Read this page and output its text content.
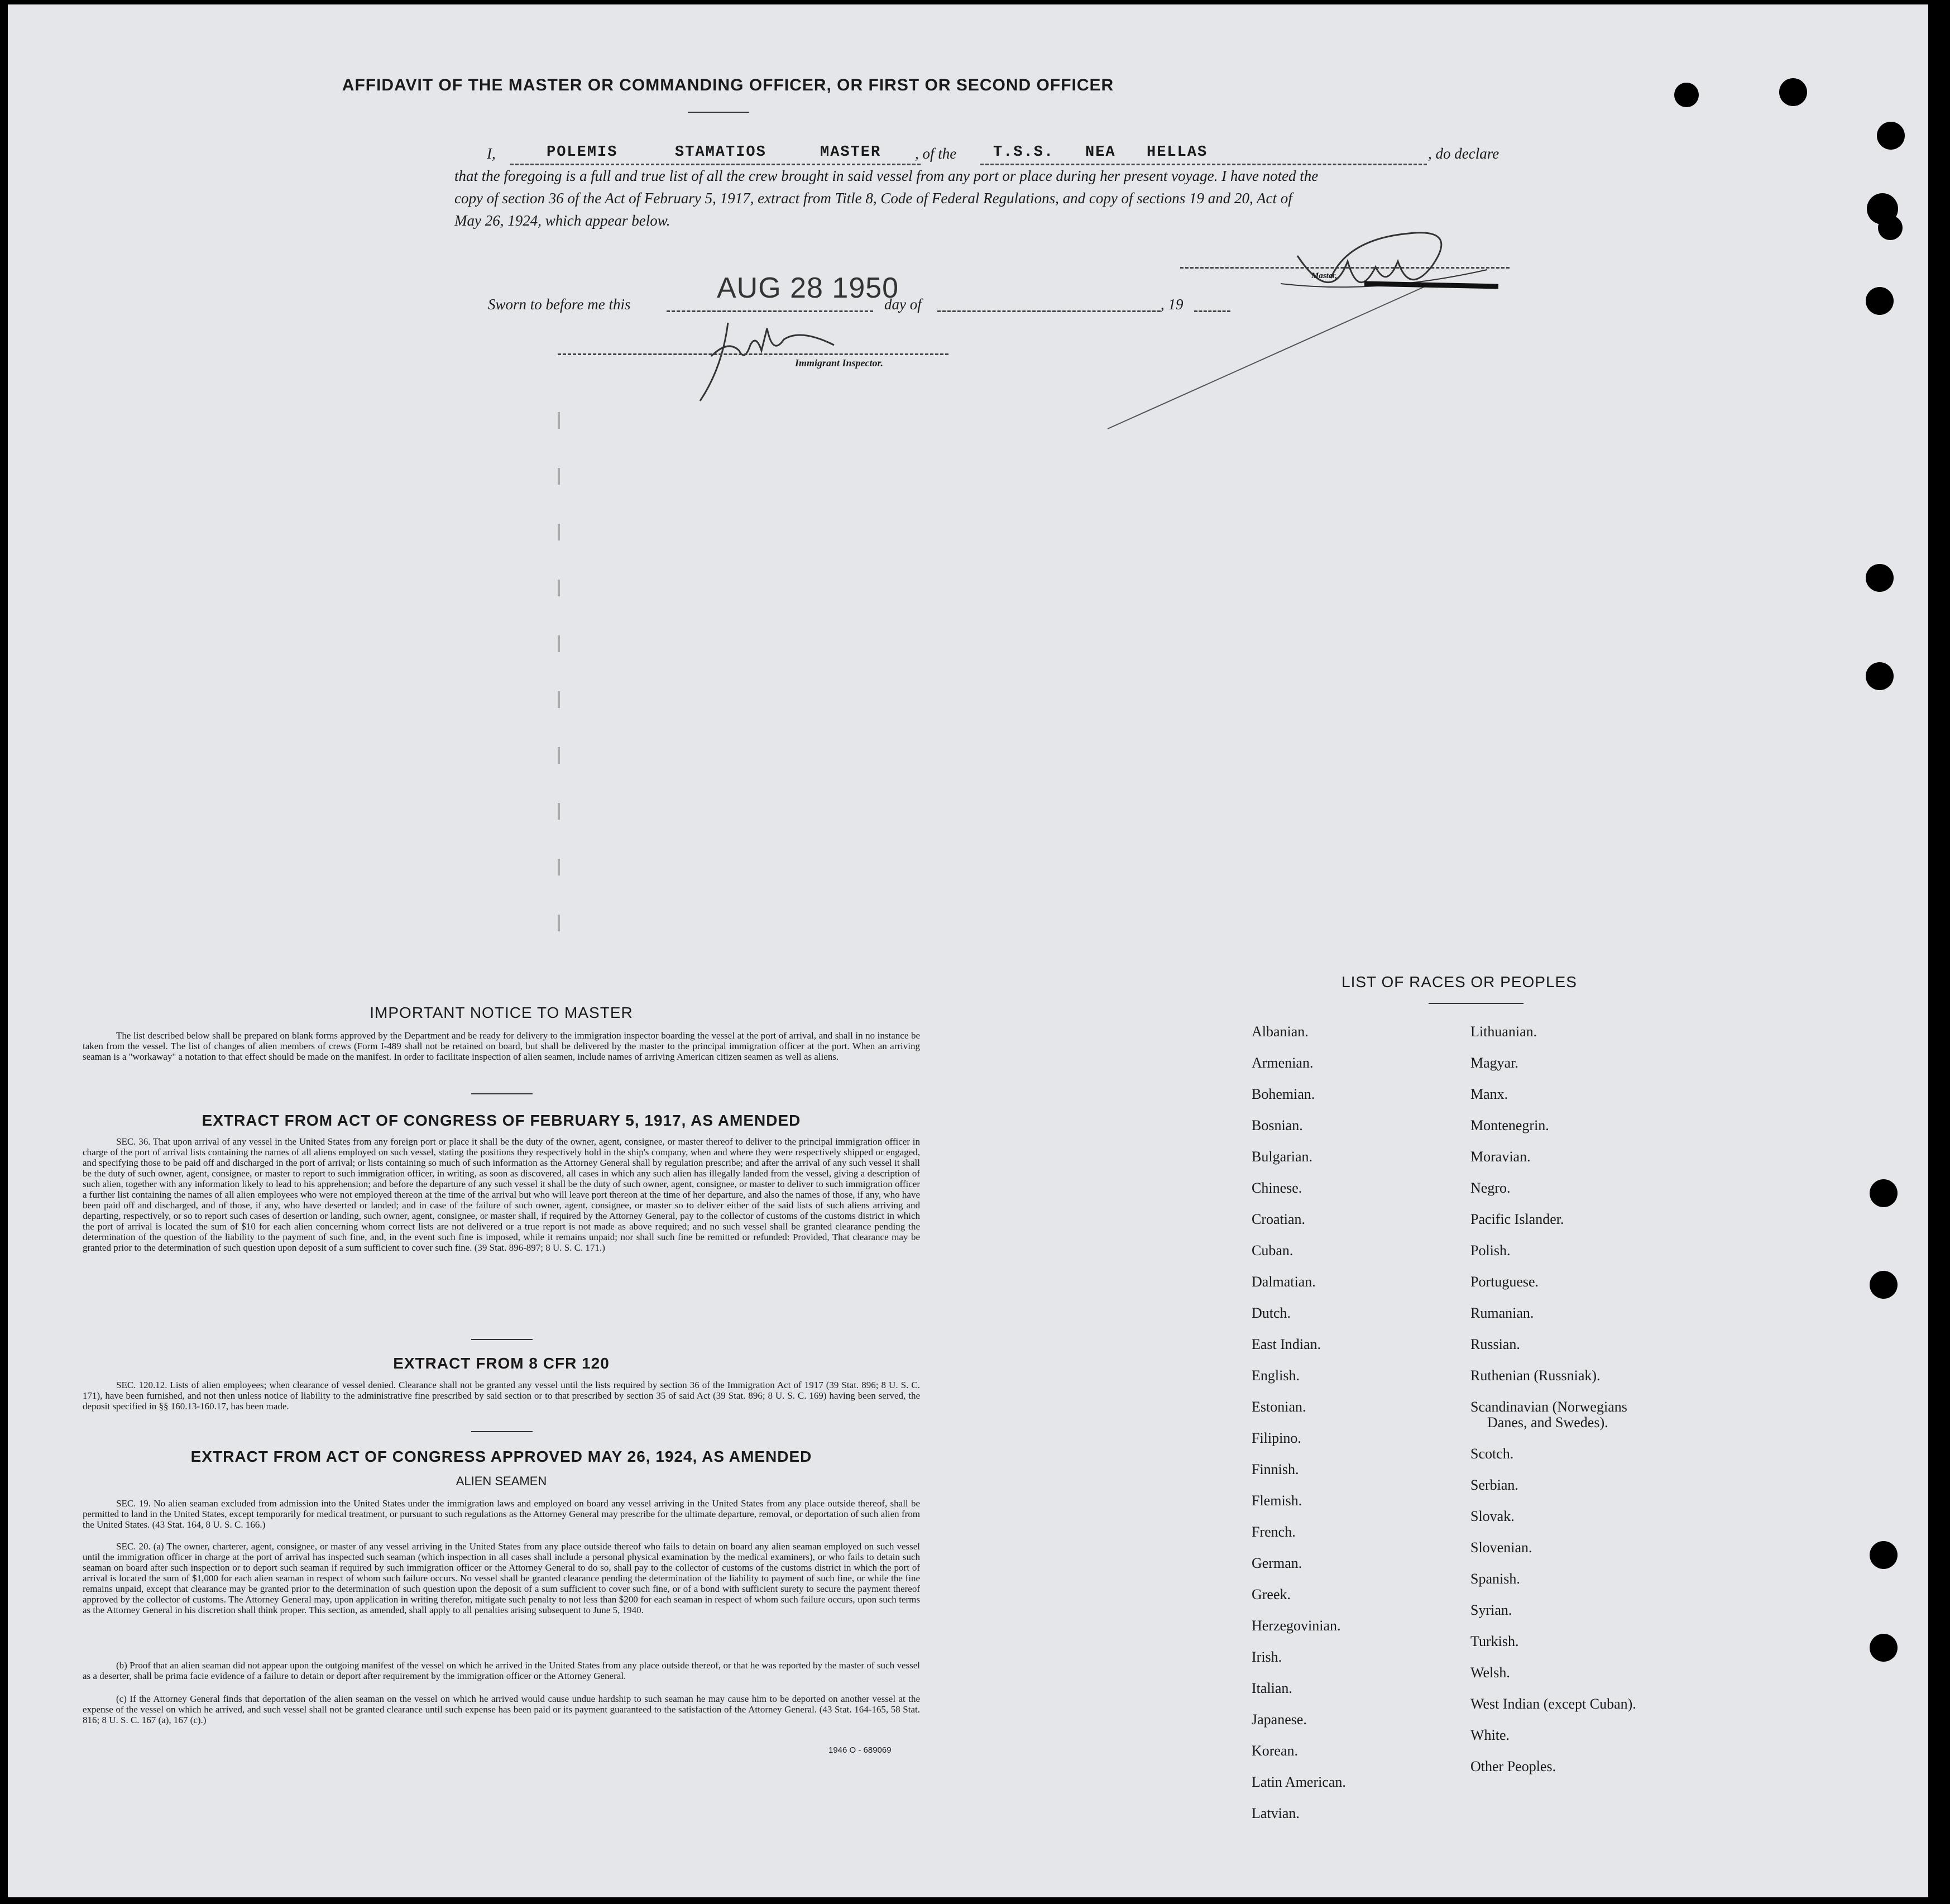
AFFIDAVIT OF THE MASTER OR COMMANDING OFFICER, OR FIRST OR SECOND OFFICER
I,	POLEMIS	STAMATIOS	MASTER , of the T.S.S. NEA HELLAS	, do declare
that the foregoing is a full and true list of all the crew brought in said vessel from any port or place during her present voyage. I have noted the
copy of section 36 of the Act of February 5, 1917, extract from Title 8, Code of Federal Regulations, and copy of sections 19 and 20, Act of
May 26, 1924, which appear below.
Master,
Sworn to before me this	AUG 28 1950
day of	, 19
Immigrant Inspector.
IMPORTANT NOTICE TO MASTER
The list described below shall be prepared on blank forms approved by the Department and be ready for delivery to the immigration inspector boarding the vessel at the port of arrival, and shall in no instance be taken from the vessel. The list of changes of alien members of crews (Form I-489 shall not be retained on board, but shall be delivered by the master to the principal immigration officer at the port. When an arriving seaman is a "workaway" a notation to that effect should be made on the manifest. In order to facilitate inspection of alien seamen, include names of arriving American citizen seamen as well as aliens.
EXTRACT FROM ACT OF CONGRESS OF FEBRUARY 5, 1917, AS AMENDED
SEC. 36. That upon arrival of any vessel in the United States from any foreign port or place it shall be the duty of the owner, agent, consignee, or master thereof to deliver to the principal immigration officer in charge of the port of arrival lists containing the names of all aliens employed on such vessel, stating the positions they respectively hold in the ship's company, when and where they were respectively shipped or engaged, and specifying those to be paid off and discharged in the port of arrival; or lists containing so much of such information as the Attorney General shall by regulation prescribe; and after the arrival of any such vessel it shall be the duty of such owner, agent, consignee, or master to report to such immigration officer, in writing, as soon as discovered, all cases in which any such alien has illegally landed from the vessel, giving a description of such alien, together with any information likely to lead to his apprehension; and before the departure of any such vessel it shall be the duty of such owner, agent, consignee, or master to deliver to such immigration officer a further list containing the names of all alien employees who were not employed thereon at the time of the arrival but who will leave port thereon at the time of her departure, and also the names of those, if any, who have been paid off and discharged, and of those, if any, who have deserted or landed; and in case of the failure of such owner, agent, consignee, or master so to deliver either of the said lists of such aliens arriving and departing, respectively, or so to report such cases of desertion or landing, such owner, agent, consignee, or master shall, if required by the Attorney General, pay to the collector of customs of the customs district in which the port of arrival is located the sum of $10 for each alien concerning whom correct lists are not delivered or a true report is not made as above required; and no such vessel shall be granted clearance pending the determination of the question of the liability to the payment of such fine, and, in the event such fine is imposed, while it remains unpaid; nor shall such fine be remitted or refunded: Provided, That clearance may be granted prior to the determination of such question upon deposit of a sum sufficient to cover such fine. (39 Stat. 896-897; 8 U. S. C. 171.)
EXTRACT FROM 8 CFR 120
SEC. 120.12. Lists of alien employees; when clearance of vessel denied. Clearance shall not be granted any vessel until the lists required by section 36 of the Immigration Act of 1917 (39 Stat. 896; 8 U. S. C. 171), have been furnished, and not then unless notice of liability to the administrative fine prescribed by said section or to that prescribed by section 35 of said Act (39 Stat. 896; 8 U. S. C. 169) having been served, the deposit specified in §§ 160.13-160.17, has been made.
EXTRACT FROM ACT OF CONGRESS APPROVED MAY 26, 1924, AS AMENDED
ALIEN SEAMEN
SEC. 19. No alien seaman excluded from admission into the United States under the immigration laws and employed on board any vessel arriving in the United States from any place outside thereof, shall be permitted to land in the United States, except temporarily for medical treatment, or pursuant to such regulations as the Attorney General may prescribe for the ultimate departure, removal, or deportation of such alien from the United States. (43 Stat. 164, 8 U. S. C. 166.)
SEC. 20. (a) The owner, charterer, agent, consignee, or master of any vessel arriving in the United States from any place outside thereof who fails to detain on board any alien seaman employed on such vessel until the immigration officer in charge at the port of arrival has inspected such seaman (which inspection in all cases shall include a personal physical examination by the medical examiners), or who fails to detain such seaman on board after such inspection or to deport such seaman if required by such immigration officer or the Attorney General to do so, shall pay to the collector of customs of the customs district in which the port of arrival is located the sum of $1,000 for each alien seaman in respect of whom such failure occurs. No vessel shall be granted clearance pending the determination of the liability to payment of such fine, or while the fine remains unpaid, except that clearance may be granted prior to the determination of such question upon the deposit of a sum sufficient to cover such fine, or of a bond with sufficient surety to secure the payment thereof approved by the collector of customs. The Attorney General may, upon application in writing therefor, mitigate such penalty to not less than $200 for each seaman in respect of whom such failure occurs, upon such terms as the Attorney General in his discretion shall think proper. This section, as amended, shall apply to all penalties arising subsequent to June 5, 1940.
(b) Proof that an alien seaman did not appear upon the outgoing manifest of the vessel on which he arrived in the United States from any place outside thereof, or that he was reported by the master of such vessel as a deserter, shall be prima facie evidence of a failure to detain or deport after requirement by the immigration officer or the Attorney General.
(c) If the Attorney General finds that deportation of the alien seaman on the vessel on which he arrived would cause undue hardship to such seaman he may cause him to be deported on another vessel at the expense of the vessel on which he arrived, and such vessel shall not be granted clearance until such expense has been paid or its payment guaranteed to the satisfaction of the Attorney General. (43 Stat. 164-165, 58 Stat. 816; 8 U. S. C. 167 (a), 167 (c).)
1946 O - 689069
LIST OF RACES OR PEOPLES
Albanian.
Armenian.
Bohemian.
Bosnian.
Bulgarian.
Chinese.
Croatian.
Cuban.
Dalmatian.
Dutch.
East Indian.
English.
Estonian.
Filipino.
Finnish.
Flemish.
French.
German.
Greek.
Herzegovinian.
Irish.
Italian.
Japanese.
Korean.
Latin American.
Latvian.
Lithuanian.
Magyar.
Manx.
Montenegrin.
Moravian.
Negro.
Pacific Islander.
Polish.
Portuguese.
Rumanian.
Russian.
Ruthenian (Russniak).
Scandinavian (Norwegians
Danes, and Swedes).
Scotch.
Serbian.
Slovak.
Slovenian.
Spanish.
Syrian.
Turkish.
Welsh.
West Indian (except Cuban).
White.
Other Peoples.
